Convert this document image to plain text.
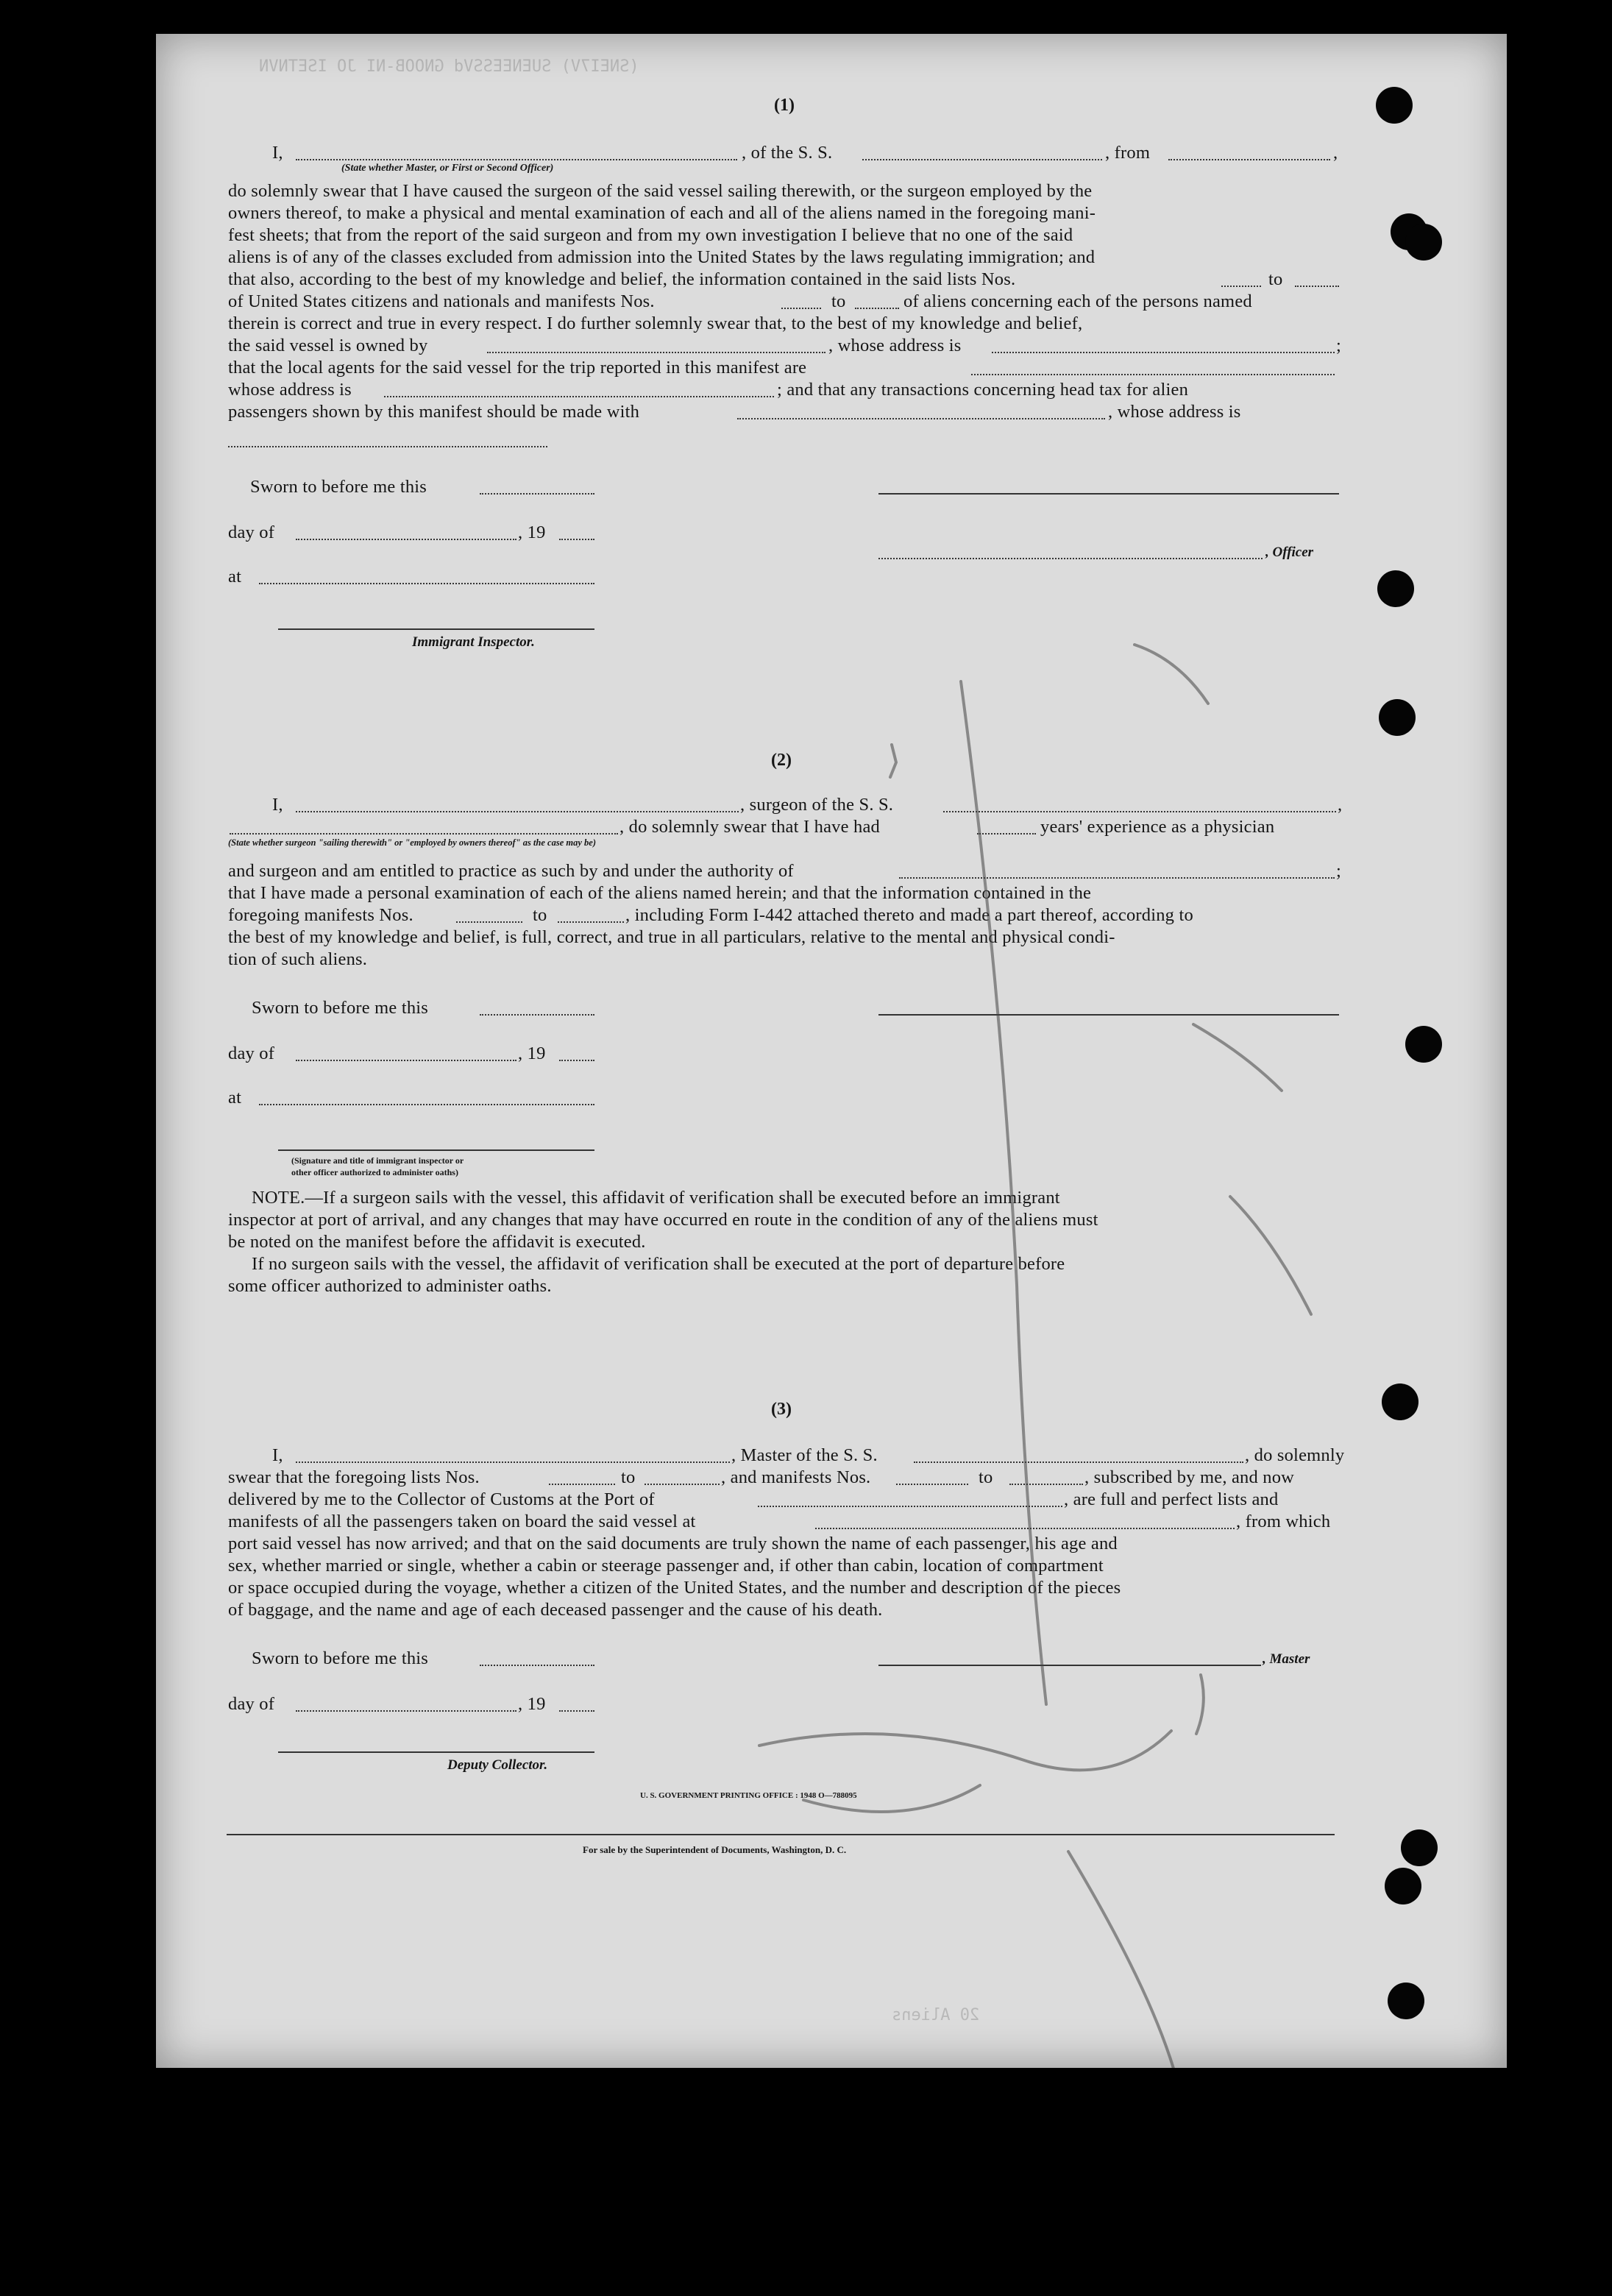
(SNEI7V) SUENEESSVd GNOOB-NI JO ISETNVN
20 Aliens
(1)
I,	, of the S. S.	, from	,
(State whether Master, or First or Second Officer)
do solemnly swear that I have caused the surgeon of the said vessel sailing therewith, or the surgeon employed by the
owners thereof, to make a physical and mental examination of each and all of the aliens named in the foregoing mani-
fest sheets; that from the report of the said surgeon and from my own investigation I believe that no one of the said
aliens is of any of the classes excluded from admission into the United States by the laws regulating immigration; and
that also, according to the best of my knowledge and belief, the information contained in the said lists Nos.	to
of United States citizens and nationals and manifests Nos.	to	of aliens concerning each of the persons named
therein is correct and true in every respect. I do further solemnly swear that, to the best of my knowledge and belief,
the said vessel is owned by	, whose address is	;
that the local agents for the said vessel for the trip reported in this manifest are
whose address is	; and that any transactions concerning head tax for alien
passengers shown by this manifest should be made with	, whose address is
Sworn to before me this
day of	, 19
, Officer
at
Immigrant Inspector.
(2)
I,	, surgeon of the S. S.	,
, do solemnly swear that I have had	years' experience as a physician
(State whether surgeon "sailing therewith" or "employed by owners thereof" as the case may be)
and surgeon and am entitled to practice as such by and under the authority of	;
that I have made a personal examination of each of the aliens named herein; and that the information contained in the
foregoing manifests Nos.	to	, including Form I-442 attached thereto and made a part thereof, according to
the best of my knowledge and belief, is full, correct, and true in all particulars, relative to the mental and physical condi-
tion of such aliens.
Sworn to before me this
day of	, 19
at
(Signature and title of immigrant inspector or
other officer authorized to administer oaths)
NOTE.—If a surgeon sails with the vessel, this affidavit of verification shall be executed before an immigrant
inspector at port of arrival, and any changes that may have occurred en route in the condition of any of the aliens must
be noted on the manifest before the affidavit is executed.
If no surgeon sails with the vessel, the affidavit of verification shall be executed at the port of departure before
some officer authorized to administer oaths.
(3)
I,	, Master of the S. S.	, do solemnly
swear that the foregoing lists Nos.	to	, and manifests Nos.	to	, subscribed by me, and now
delivered by me to the Collector of Customs at the Port of	, are full and perfect lists and
manifests of all the passengers taken on board the said vessel at	, from which
port said vessel has now arrived; and that on the said documents are truly shown the name of each passenger, his age and
sex, whether married or single, whether a cabin or steerage passenger and, if other than cabin, location of compartment
or space occupied during the voyage, whether a citizen of the United States, and the number and description of the pieces
of baggage, and the name and age of each deceased passenger and the cause of his death.
Sworn to before me this	, Master
day of	, 19
Deputy Collector.
U. S. GOVERNMENT PRINTING OFFICE : 1948 O—788095
For sale by the Superintendent of Documents, Washington, D. C.
